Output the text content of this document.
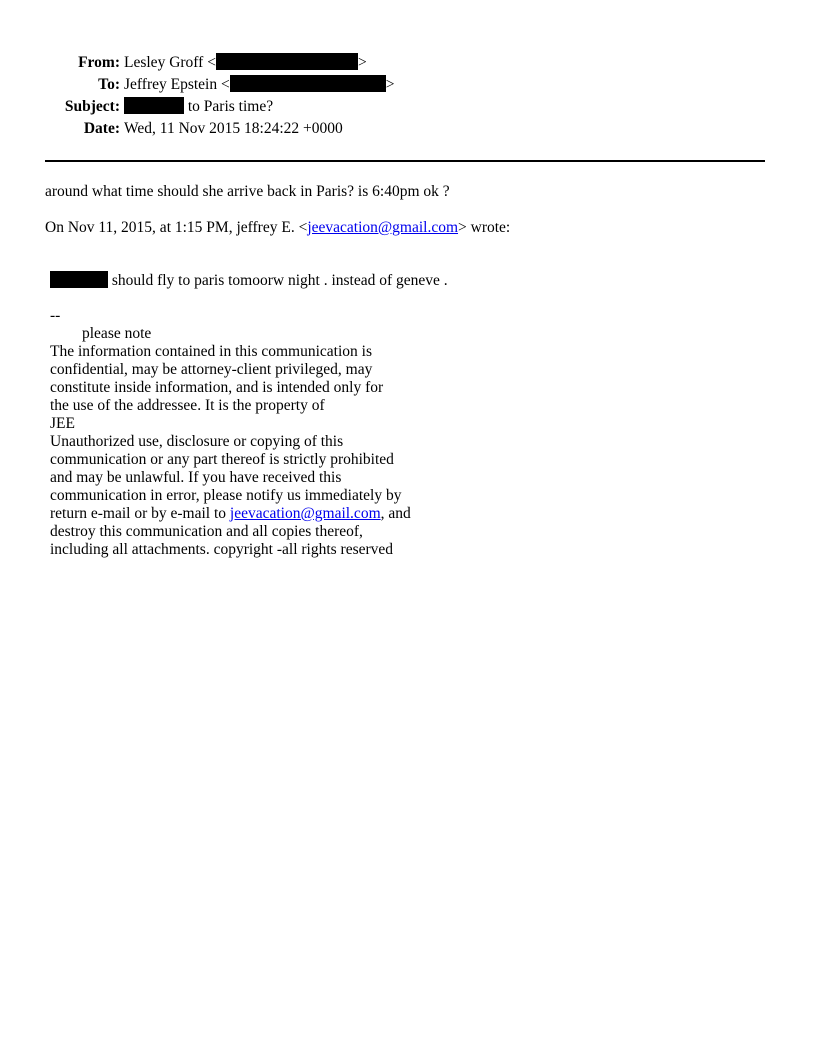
From: Lesley Groff <	>
To: Jeffrey Epstein <	>
Subject:	to Paris time?
Date: Wed, 11 Nov 2015 18:24:22 +0000
around what time should she arrive back in Paris? is 6:40pm ok ?
On Nov 11, 2015, at 1:15 PM, jeffrey E. <jeevacation@gmail.com> wrote:
should fly to paris tomoorw night . instead of geneve .
--
please note
The information contained in this communication is
confidential, may be attorney-client privileged, may
constitute inside information, and is intended only for
the use of the addressee. It is the property of
JEE
Unauthorized use, disclosure or copying of this
communication or any part thereof is strictly prohibited
and may be unlawful. If you have received this
communication in error, please notify us immediately by
return e-mail or by e-mail to jeevacation@gmail.com, and
destroy this communication and all copies thereof,
including all attachments. copyright -all rights reserved
